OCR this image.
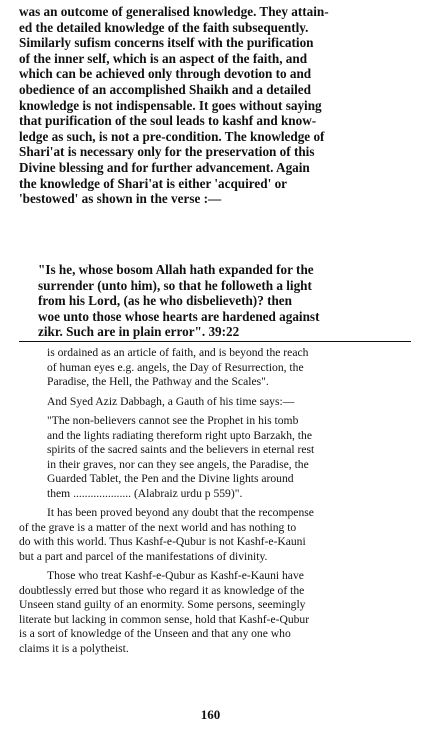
was an outcome of generalised knowledge. They attain-
ed the detailed knowledge of the faith subsequently.
Similarly sufism concerns itself with the purification
of the inner self, which is an aspect of the faith, and
which can be achieved only through devotion to and
obedience of an accomplished Shaikh and a detailed
knowledge is not indispensable. It goes without saying
that purification of the soul leads to kashf and know-
ledge as such, is not a pre-condition. The knowledge of
Shari'at is necessary only for the preservation of this
Divine blessing and for further advancement. Again
the knowledge of Shari'at is either 'acquired' or
'bestowed' as shown in the verse :—
"Is he, whose bosom Allah hath expanded for the
surrender (unto him), so that he followeth a light
from his Lord, (as he who disbelieveth)? then
woe unto those whose hearts are hardened against
zikr. Such are in plain error". 39:22
is ordained as an article of faith, and is beyond the reach
of human eyes e.g. angels, the Day of Resurrection, the
Paradise, the Hell, the Pathway and the Scales".
And Syed Aziz Dabbagh, a Gauth of his time says:—
"The non-believers cannot see the Prophet in his tomb
and the lights radiating thereform right upto Barzakh, the
spirits of the sacred saints and the believers in eternal rest
in their graves, nor can they see angels, the Paradise, the
Guarded Tablet, the Pen and the Divine lights around
them .................... (Alabraiz urdu p 559)".
It has been proved beyond any doubt that the recompense
of the grave is a matter of the next world and has nothing to
do with this world. Thus Kashf-e-Qubur is not Kashf-e-Kauni
but a part and parcel of the manifestations of divinity.
Those who treat Kashf-e-Qubur as Kashf-e-Kauni have
doubtlessly erred but those who regard it as knowledge of the
Unseen stand guilty of an enormity. Some persons, seemingly
literate but lacking in common sense, hold that Kashf-e-Qubur
is a sort of knowledge of the Unseen and that any one who
claims it is a polytheist.
160
